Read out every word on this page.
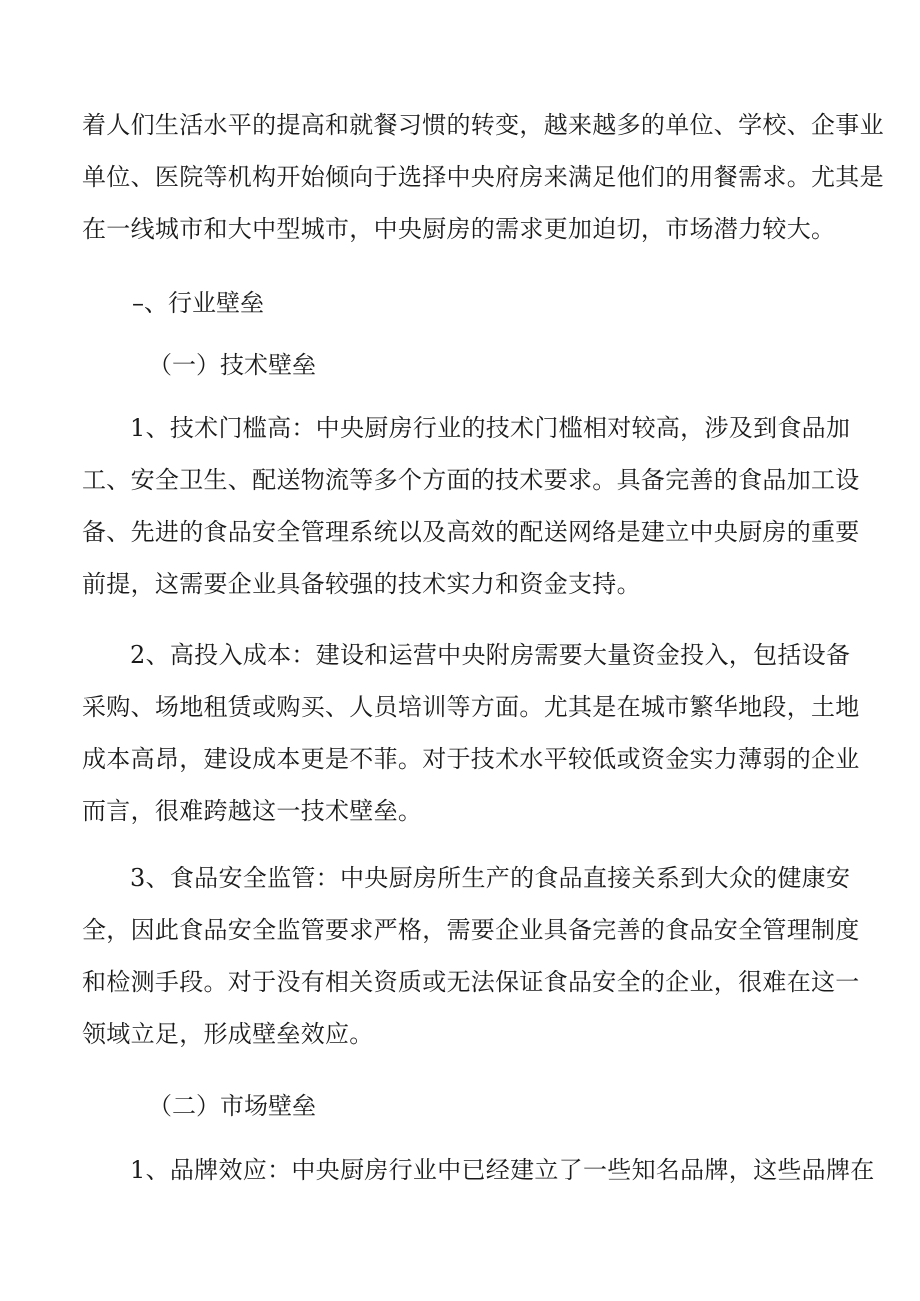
着人们生活水平的提高和就餐习惯的转变，越来越多的单位、学校、企事业
单位、医院等机构开始倾向于选择中央府房来满足他们的用餐需求。尤其是
在一线城市和大中型城市，中央厨房的需求更加迫切，市场潜力较大。
–、行业壁垒
（一）技术壁垒
1、技术门槛高：中央厨房行业的技术门槛相对较高，涉及到食品加
工、安全卫生、配送物流等多个方面的技术要求。具备完善的食品加工设
备、先进的食品安全管理系统以及高效的配送网络是建立中央厨房的重要
前提，这需要企业具备较强的技术实力和资金支持。
2、高投入成本：建设和运营中央附房需要大量资金投入，包括设备
采购、场地租赁或购买、人员培训等方面。尤其是在城市繁华地段，土地
成本高昂，建设成本更是不菲。对于技术水平较低或资金实力薄弱的企业
而言，很难跨越这一技术壁垒。
3、食品安全监管：中央厨房所生产的食品直接关系到大众的健康安
全，因此食品安全监管要求严格，需要企业具备完善的食品安全管理制度
和检测手段。对于没有相关资质或无法保证食品安全的企业，很难在这一
领域立足，形成壁垒效应。
（二）市场壁垒
1、品牌效应：中央厨房行业中已经建立了一些知名品牌，这些品牌在
